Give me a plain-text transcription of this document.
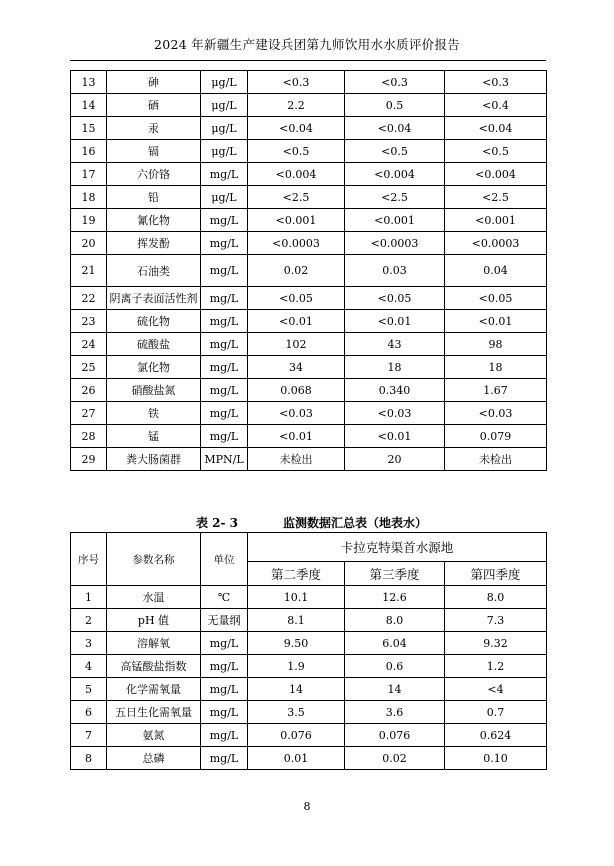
2024 年新疆生产建设兵团第九师饮用水水质评价报告
13	砷	μg/L	<0.3	<0.3	<0.3
14	硒	μg/L	2.2	0.5	<0.4
15	汞	μg/L	<0.04	<0.04	<0.04
16	镉	μg/L	<0.5	<0.5	<0.5
17	六价铬	mg/L	<0.004	<0.004	<0.004
18	铅	μg/L	<2.5	<2.5	<2.5
19	氰化物	mg/L	<0.001	<0.001	<0.001
20	挥发酚	mg/L	<0.0003	<0.0003	<0.0003
21	石油类	mg/L	0.02	0.03	0.04
22	阴离子表面活性剂	mg/L	<0.05	<0.05	<0.05
23	硫化物	mg/L	<0.01	<0.01	<0.01
24	硫酸盐	mg/L	102	43	98
25	氯化物	mg/L	34	18	18
26	硝酸盐氮	mg/L	0.068	0.340	1.67
27	铁	mg/L	<0.03	<0.03	<0.03
28	锰	mg/L	<0.01	<0.01	0.079
29	粪大肠菌群	MPN/L	未检出	20	未检出
表 2- 3	监测数据汇总表（地表水）
序号	参数名称	单位	卡拉克特渠首水源地		
			第二季度	第三季度	第四季度
1	水温	℃	10.1	12.6	8.0
2	pH 值	无量纲	8.1	8.0	7.3
3	溶解氧	mg/L	9.50	6.04	9.32
4	高锰酸盐指数	mg/L	1.9	0.6	1.2
5	化学需氧量	mg/L	14	14	<4
6	五日生化需氧量	mg/L	3.5	3.6	0.7
7	氨氮	mg/L	0.076	0.076	0.624
8	总磷	mg/L	0.01	0.02	0.10
8
